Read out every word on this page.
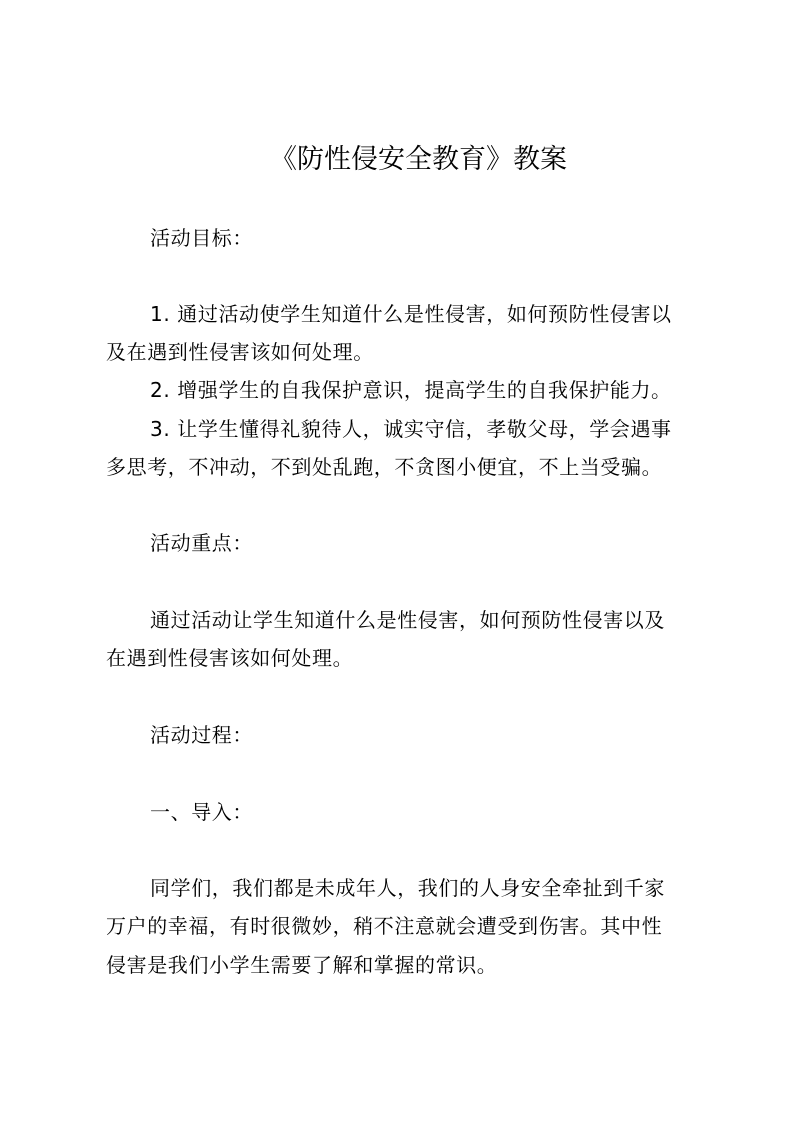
《防性侵安全教育》教案
活动目标：
1. 通过活动使学生知道什么是性侵害，如何预防性侵害以
及在遇到性侵害该如何处理。
2. 增强学生的自我保护意识，提高学生的自我保护能力。
3. 让学生懂得礼貌待人，诚实守信，孝敬父母，学会遇事
多思考，不冲动，不到处乱跑，不贪图小便宜，不上当受骗。
活动重点：
通过活动让学生知道什么是性侵害，如何预防性侵害以及
在遇到性侵害该如何处理。
活动过程：
一、导入：
同学们，我们都是未成年人，我们的人身安全牵扯到千家
万户的幸福，有时很微妙，稍不注意就会遭受到伤害。其中性
侵害是我们小学生需要了解和掌握的常识。
